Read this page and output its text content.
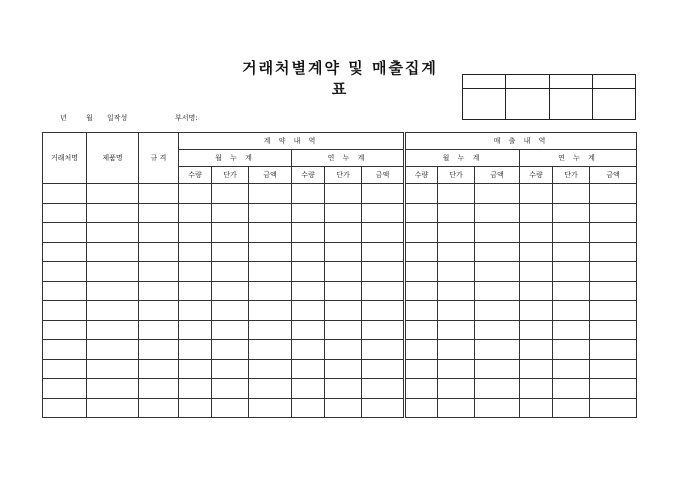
거래처별계약 및 매출집계표

년	월 일작성	부서명:
거래처명	제품명	규 격	계 약 내 역						매 출 내 역					
			월 누 계			연 누 계			월 누 계			연 누 계		
			수량	단가	금액	수량	단가	금액	수량	단가	금액	수량	단가	금액
